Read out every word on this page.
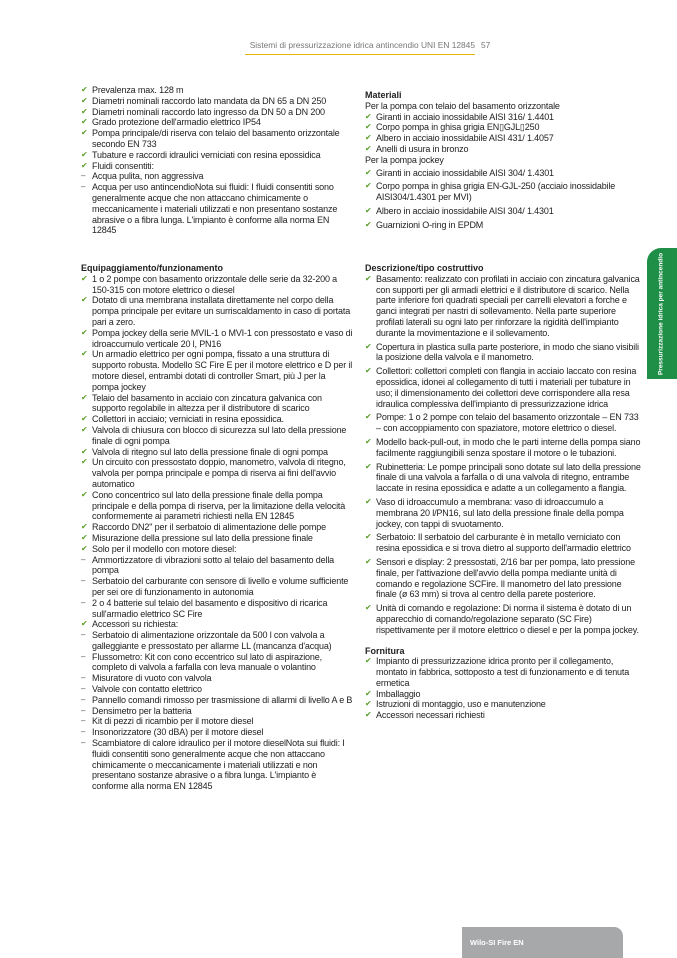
Sistemi di pressurizzazione idrica antincendio UNI EN 12845 57
✔ Prevalenza max. 128 m
✔ Diametri nominali raccordo lato mandata da DN 65 a DN 250
✔ Diametri nominali raccordo lato ingresso da DN 50 a DN 200
✔ Grado protezione dell'armadio elettrico IP54
✔ Pompa principale/di riserva con telaio del basamento orizzontale secondo EN 733
✔ Tubature e raccordi idraulici verniciati con resina epossidica
✔ Fluidi consentiti:
– Acqua pulita, non aggressiva
– Acqua per uso antincendioNota sui fluidi: I fluidi consentiti sono generalmente acque che non attaccano chimicamente o meccanicamente i materiali utilizzati e non presentano sostanze abrasive o a fibra lunga. L'impianto è conforme alla norma EN 12845
Equipaggiamento/funzionamento
✔ 1 o 2 pompe con basamento orizzontale delle serie da 32-200 a 150-315 con motore elettrico o diesel
✔ Dotato di una membrana installata direttamente nel corpo della pompa principale per evitare un surriscaldamento in caso di portata pari a zero.
✔ Pompa jockey della serie MVIL-1 o MVI-1 con pressostato e vaso di idroaccumulo verticale 20 l, PN16
✔ Un armadio elettrico per ogni pompa, fissato a una struttura di supporto robusta. Modello SC Fire E per il motore elettrico e D per il motore diesel, entrambi dotati di controller Smart, più J per la pompa jockey
✔ Telaio del basamento in acciaio con zincatura galvanica con supporto regolabile in altezza per il distributore di scarico
✔ Collettori in acciaio; verniciati in resina epossidica.
✔ Valvola di chiusura con blocco di sicurezza sul lato della pressione finale di ogni pompa
✔ Valvola di ritegno sul lato della pressione finale di ogni pompa
✔ Un circuito con pressostato doppio, manometro, valvola di ritegno, valvola per pompa principale e pompa di riserva ai fini dell'avvio automatico
✔ Cono concentrico sul lato della pressione finale della pompa principale e della pompa di riserva, per la limitazione della velocità conformemente ai parametri richiesti nella EN 12845
✔ Raccordo DN2" per il serbatoio di alimentazione delle pompe
✔ Misurazione della pressione sul lato della pressione finale
✔ Solo per il modello con motore diesel:
– Ammortizzatore di vibrazioni sotto al telaio del basamento della pompa
– Serbatoio del carburante con sensore di livello e volume sufficiente per sei ore di funzionamento in autonomia
– 2 o 4 batterie sul telaio del basamento e dispositivo di ricarica sull'armadio elettrico SC Fire
✔ Accessori su richiesta:
– Serbatoio di alimentazione orizzontale da 500 l con valvola a galleggiante e pressostato per allarme LL (mancanza d'acqua)
– Flussometro: Kit con cono eccentrico sul lato di aspirazione, completo di valvola a farfalla con leva manuale o volantino
– Misuratore di vuoto con valvola
– Valvole con contatto elettrico
– Pannello comandi rimosso per trasmissione di allarmi di livello A e B
– Densimetro per la batteria
– Kit di pezzi di ricambio per il motore diesel
– Insonorizzatore (30 dBA) per il motore diesel
– Scambiatore di calore idraulico per il motore dieselNota sui fluidi: I fluidi consentiti sono generalmente acque che non attaccano chimicamente o meccanicamente i materiali utilizzati e non presentano sostanze abrasive o a fibra lunga. L'impianto è conforme alla norma EN 12845
Materiali

Per la pompa con telaio del basamento orizzontale

✔ Giranti in acciaio inossidabile AISI 316/ 1.4401
✔ Corpo pompa in ghisa grigia EN▯GJL▯250
✔ Albero in acciaio inossidabile AISI 431/ 1.4057
✔ Anelli di usura in bronzo

Per la pompa jockey

✔ Giranti in acciaio inossidabile AISI 304/ 1.4301
✔ Corpo pompa in ghisa grigia EN-GJL-250 (acciaio inossidabile AISI304/1.4301 per MVI)
✔ Albero in acciaio inossidabile AISI 304/ 1.4301
✔ Guarnizioni O-ring in EPDM
Descrizione/tipo costruttivo
✔ Basamento: realizzato con profilati in acciaio con zincatura galvanica con supporti per gli armadi elettrici e il distributore di scarico. Nella parte inferiore fori quadrati speciali per carrelli elevatori a forche e ganci integrati per nastri di sollevamento. Nella parte superiore profilati laterali su ogni lato per rinforzare la rigidità dell'impianto durante la movimentazione e il sollevamento.
✔ Copertura in plastica sulla parte posteriore, in modo che siano visibili la posizione della valvola e il manometro.
✔ Collettori: collettori completi con flangia in acciaio laccato con resina epossidica, idonei al collegamento di tutti i materiali per tubature in uso; il dimensionamento dei collettori deve corrispondere alla resa idraulica complessiva dell'impianto di pressurizzazione idrica
✔ Pompe: 1 o 2 pompe con telaio del basamento orizzontale – EN 733 – con accoppiamento con spaziatore, motore elettrico o diesel.
✔ Modello back-pull-out, in modo che le parti interne della pompa siano facilmente raggiungibili senza spostare il motore o le tubazioni.
✔ Rubinetteria: Le pompe principali sono dotate sul lato della pressione finale di una valvola a farfalla o di una valvola di ritegno, entrambe laccate in resina epossidica e adatte a un collegamento a flangia.
✔ Vaso di idroaccumulo a membrana: vaso di idroaccumulo a membrana 20 l/PN16, sul lato della pressione finale della pompa jockey, con tappi di svuotamento.
✔ Serbatoio: Il serbatoio del carburante è in metallo verniciato con resina epossidica e si trova dietro al supporto dell'armadio elettrico
✔ Sensori e display: 2 pressostati, 2/16 bar per pompa, lato pressione finale, per l'attivazione dell'avvio della pompa mediante unità di comando e regolazione SCFire. Il manometro del lato pressione finale (ø 63 mm) si trova al centro della parete posteriore.
✔ Unità di comando e regolazione: Di norma il sistema è dotato di un apparecchio di comando/regolazione separato (SC Fire) rispettivamente per il motore elettrico o diesel e per la pompa jockey.
Fornitura
✔ Impianto di pressurizzazione idrica pronto per il collegamento, montato in fabbrica, sottoposto a test di funzionamento e di tenuta ermetica
✔ Imballaggio
✔ Istruzioni di montaggio, uso e manutenzione
✔ Accessori necessari richiesti
Pressurizzazione idrica per antincendio
Wilo-SI Fire EN
